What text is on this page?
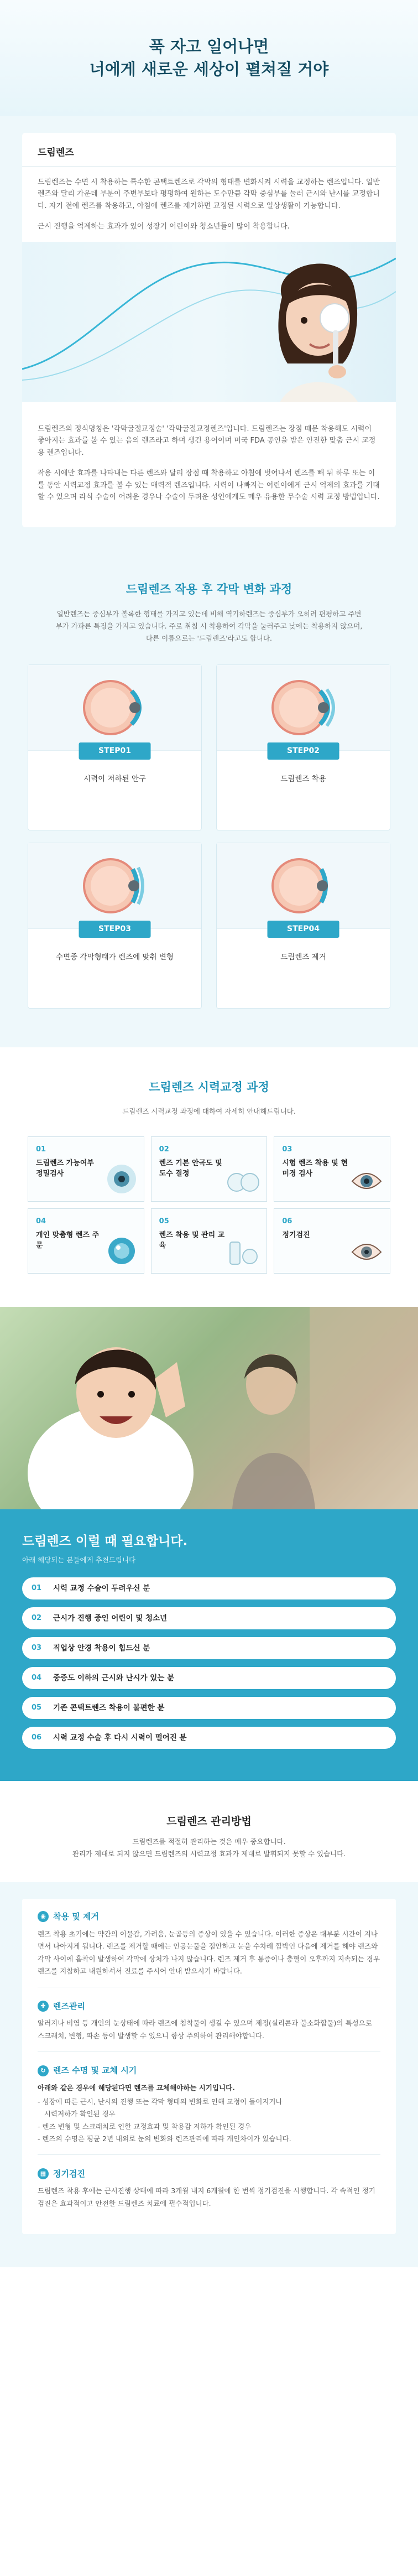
푹 자고 일어나면
너에게 새로운 세상이 펼쳐질 거야
드림렌즈

드림렌즈는 수면 시 착용하는 특수한 콘택트렌즈로 각막의 형태를 변화시켜 시력을 교정하는 렌즈입니다. 일반 렌즈와 달리 가운데 부분이 주변부보다 평평하여 원하는 도수만큼 각막 중심부를 눌러 근시와 난시를 교정합니다. 자기 전에 렌즈를 착용하고, 아침에 렌즈를 제거하면 교정된 시력으로 일상생활이 가능합니다.

근시 진행을 억제하는 효과가 있어 성장기 어린이와 청소년들이 많이 착용합니다.

드림렌즈의 정식명칭은 '각막굴절교정술' '각막굴절교정렌즈'입니다. 드림렌즈는 장점 때문 착용해도 시력이 좋아지는 효과를 볼 수 있는 음의 렌즈라고 하며 생긴 용어이며 미국 FDA 공인을 받은 안전한 맞춤 근시 교정용 렌즈입니다.

작용 시에만 효과를 나타내는 다른 렌즈와 달리 장점 때 착용하고 아침에 벗어나서 렌즈를 빼 뒤 하루 또는 이틀 동안 시력교정 효과를 볼 수 있는 매력적 렌즈입니다. 시력이 나빠지는 어린이에게 근시 억제의 효과를 기대할 수 있으며 라식 수술이 어려운 경우나 수술이 두려운 성인에게도 매우 유용한 무수술 시력 교정 방법입니다.

드림렌즈 작용 후 각막 변화 과정

일반렌즈는 중심부가 볼록한 형태를 가지고 있는데 비해 역기하렌즈는 중심부가 오히려 편평하고 주변부가 가파른 특징을 가지고 있습니다. 주로 취침 시 착용하여 각막을 눌러주고 낮에는 착용하지 않으며, 다른 이름으로는 '드림렌즈'라고도 합니다.

STEP01
시력이 저하된 안구
STEP02
드림렌즈 착용
STEP03
수면중 각막형태가 렌즈에 맞춰 변형
STEP04
드림렌즈 제거
드림렌즈 시력교정 과정

드림렌즈 시력교정 과정에 대하여 자세히 안내해드립니다.

01
드림렌즈 가능여부 정밀검사
02
렌즈 기본 안곡도 및 도수 결정
03
시험 렌즈 착용 및 현미경 검사
04
개인 맞춤형 렌즈 주문
05
렌즈 착용 및 관리 교육
06
정기검진
드림렌즈 이럴 때 필요합니다.

아래 해당되는 분들에게 추천드립니다

01	시력 교정 수술이 두려우신 분
02	근시가 진행 중인 어린이 및 청소년
03	직업상 안경 착용이 힘드신 분
04	중증도 이하의 근시와 난시가 있는 분
05	기존 콘택트렌즈 착용이 불편한 분
06	시력 교정 수술 후 다시 시력이 떨어진 분
드림렌즈 관리방법

드림렌즈를 적절히 관리하는 것은 매우 중요합니다.

관리가 제대로 되지 않으면 드림렌즈의 시력교정 효과가 제대로 발휘되지 못할 수 있습니다.

◉ 착용 및 제거

렌즈 착용 초기에는 약간의 이물감, 가려움, 눈곱등의 증상이 있을 수 있습니다. 이러한 증상은 대부분 시간이 지나면서 나아지게 됩니다. 렌즈를 제거할 때에는 인공눈물을 점안하고 눈을 수차례 깜박인 다음에 제거를 해야 렌즈와 각막 사이에 흡착이 발생하여 각막에 상처가 나지 않습니다. 렌즈 제거 후 통증이나 충혈이 오후까지 지속되는 경우 렌즈를 지참하고 내원하셔서 진료를 주시어 안내 받으시기 바랍니다.

✚ 렌즈관리

알러지나 비염 등 개인의 눈상태에 따라 렌즈에 침착물이 생길 수 있으며 제정(실리콘과 불소화합물)의 특성으로 스크래치, 변형, 파손 등이 발생할 수 있으니 항상 주의하여 관리해야합니다.

↻ 렌즈 수명 및 교체 시기

아래와 같은 경우에 해당된다면 렌즈를 교체해야하는 시기입니다.

- 성장에 따른 근시, 난시의 진행 또는 각막 형태의 변화로 인해 교정이 들어지거나
시력저하가 확인된 경우
- 렌즈 변형 및 스크래치로 인한 교정효과 및 착용감 저하가 확인된 경우
- 렌즈의 수명은 평균 2년 내외로 눈의 변화와 렌즈관리에 따라 개인차이가 있습니다.
▦ 정기검진

드림렌즈 착용 후에는 근시진행 상태에 따라 3개월 내지 6개월에 한 번씩 정기검진을 시행합니다. 각 속적인 정기검진은 효과적이고 안전한 드림렌즈 치료에 필수적입니다.
